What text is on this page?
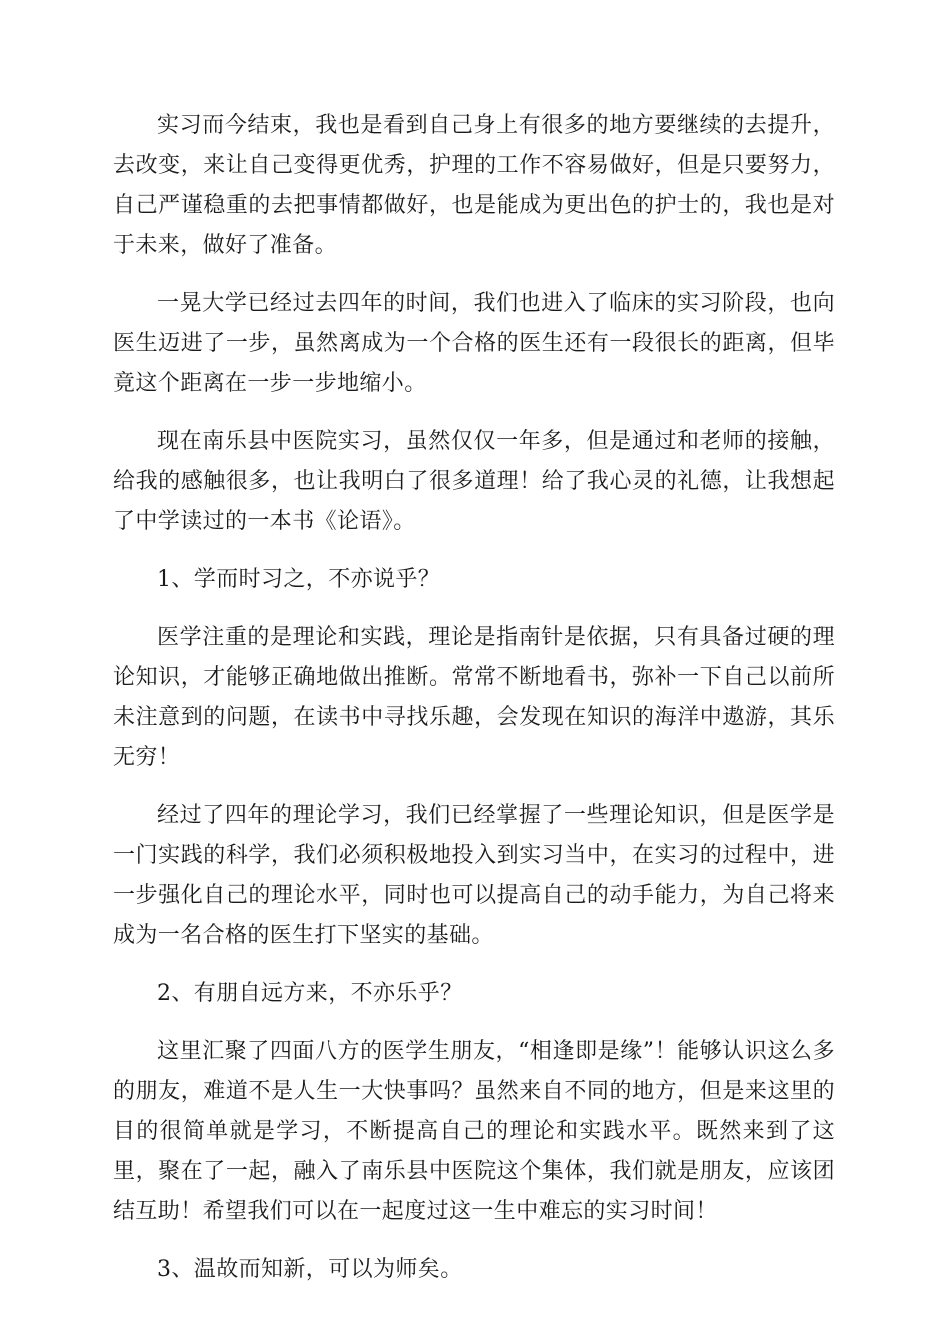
实习而今结束，我也是看到自己身上有很多的地方要继续的去提升，去改变，来让自己变得更优秀，护理的工作不容易做好，但是只要努力，自己严谨稳重的去把事情都做好，也是能成为更出色的护士的，我也是对于未来，做好了准备。

一晃大学已经过去四年的时间，我们也进入了临床的实习阶段，也向医生迈进了一步，虽然离成为一个合格的医生还有一段很长的距离，但毕竟这个距离在一步一步地缩小。

现在南乐县中医院实习，虽然仅仅一年多，但是通过和老师的接触，给我的感触很多，也让我明白了很多道理！给了我心灵的礼德，让我想起了中学读过的一本书《论语》。

1、学而时习之，不亦说乎？

医学注重的是理论和实践，理论是指南针是依据，只有具备过硬的理论知识，才能够正确地做出推断。常常不断地看书，弥补一下自己以前所未注意到的问题，在读书中寻找乐趣，会发现在知识的海洋中遨游，其乐无穷！

经过了四年的理论学习，我们已经掌握了一些理论知识，但是医学是一门实践的科学，我们必须积极地投入到实习当中，在实习的过程中，进一步强化自己的理论水平，同时也可以提高自己的动手能力，为自己将来成为一名合格的医生打下坚实的基础。

2、有朋自远方来，不亦乐乎？

这里汇聚了四面八方的医学生朋友，“相逢即是缘”！能够认识这么多的朋友，难道不是人生一大快事吗？虽然来自不同的地方，但是来这里的目的很简单就是学习，不断提高自己的理论和实践水平。既然来到了这里，聚在了一起，融入了南乐县中医院这个集体，我们就是朋友，应该团结互助！希望我们可以在一起度过这一生中难忘的实习时间！

3、温故而知新，可以为师矣。
